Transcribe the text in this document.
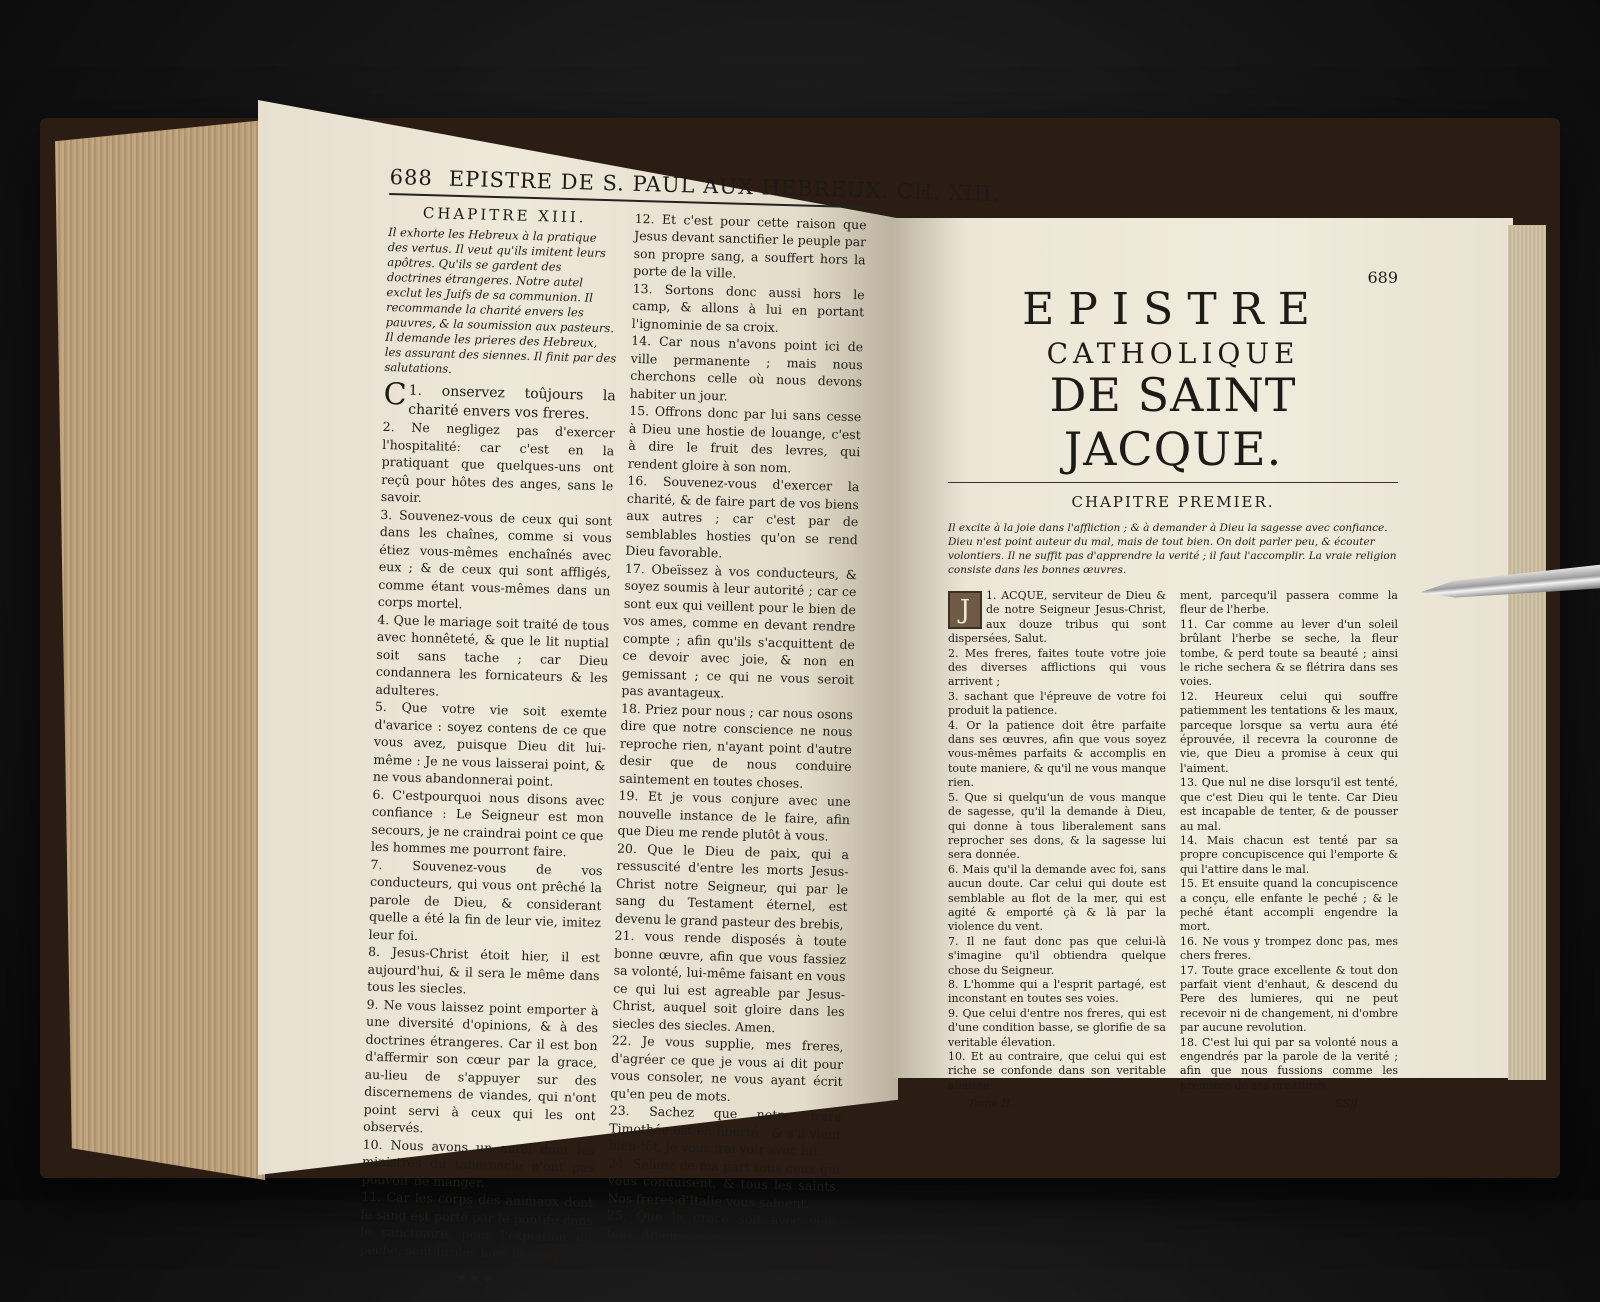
688 EPISTRE DE S. PAUL AUX HEBREUX. CH. XIII.
CHAPITRE XIII.
Il exhorte les Hebreux à la pratique des vertus. Il veut qu'ils imitent leurs apôtres. Qu'ils se gardent des doctrines étrangeres. Notre autel exclut les Juifs de sa communion. Il recommande la charité envers les pauvres, & la soumission aux pasteurs. Il demande les prieres des Hebreux, les assurant des siennes. Il finit par des salutations.
1.
C onservez toûjours la charité envers vos freres.
2. Ne negligez pas d'exercer l'hospitalité: car c'est en la pratiquant que quelques-uns ont reçû pour hôtes des anges, sans le savoir.
3. Souvenez-vous de ceux qui sont dans les chaînes, comme si vous étiez vous-mêmes enchaînés avec eux ; & de ceux qui sont affligés, comme étant vous-mêmes dans un corps mortel.
4. Que le mariage soit traité de tous avec honnêteté, & que le lit nuptial soit sans tache ; car Dieu condannera les fornicateurs & les adulteres.
5. Que votre vie soit exemte d'avarice : soyez contens de ce que vous avez, puisque Dieu dit lui-même : Je ne vous laisserai point, & ne vous abandonnerai point.
6. C'estpourquoi nous disons avec confiance : Le Seigneur est mon secours, je ne craindrai point ce que les hommes me pourront faire.
7. Souvenez-vous de vos conducteurs, qui vous ont prêché la parole de Dieu, & considerant quelle a été la fin de leur vie, imitez leur foi.
8. Jesus-Christ étoit hier, il est aujourd'hui, & il sera le même dans tous les siecles.
9. Ne vous laissez point emporter à une diversité d'opinions, & à des doctrines étrangeres. Car il est bon d'affermir son cœur par la grace, au-lieu de s'appuyer sur des discernemens de viandes, qui n'ont point servi à ceux qui les ont observés.
10. Nous avons un autel dont les ministres du tabernacle n'ont pas pouvoir de manger.
11. Car les corps des animaux dont le sang est porté par le pontife dans le sanctuaire, pour l'expiation du peché, sont brûlés hors le camp.
❦❦❦
12. Et c'est pour cette raison que Jesus devant sanctifier le peuple par son propre sang, a souffert hors la porte de la ville.
13. Sortons donc aussi hors le camp, & allons à lui en portant l'ignominie de sa croix.
14. Car nous n'avons point ici de ville permanente ; mais nous cherchons celle où nous devons habiter un jour.
15. Offrons donc par lui sans cesse à Dieu une hostie de louange, c'est à dire le fruit des levres, qui rendent gloire à son nom.
16. Souvenez-vous d'exercer la charité, & de faire part de vos biens aux autres ; car c'est par de semblables hosties qu'on se rend Dieu favorable.
17. Obeïssez à vos conducteurs, & soyez soumis à leur autorité ; car ce sont eux qui veillent pour le bien de vos ames, comme en devant rendre compte ; afin qu'ils s'acquittent de ce devoir avec joie, & non en gemissant ; ce qui ne vous seroit pas avantageux.
18. Priez pour nous ; car nous osons dire que notre conscience ne nous reproche rien, n'ayant point d'autre desir que de nous conduire saintement en toutes choses.
19. Et je vous conjure avec une nouvelle instance de le faire, afin que Dieu me rende plutôt à vous.
20. Que le Dieu de paix, qui a ressuscité d'entre les morts Jesus-Christ notre Seigneur, qui par le sang du Testament éternel, est devenu le grand pasteur des brebis,
21. vous rende disposés à toute bonne œuvre, afin que vous fassiez sa volonté, lui-même faisant en vous ce qui lui est agreable par Jesus-Christ, auquel soit gloire dans les siecles des siecles. Amen.
22. Je vous supplie, mes freres, d'agréer ce que je vous ai dit pour vous consoler, ne vous ayant écrit qu'en peu de mots.
23. Sachez que notre frere Timothée est en liberté : & s'il vient bien-tôt, je vous irai voir avec lui.
24. Saluez de ma part tous ceux qui vous conduisent, & tous les saints. Nos freres d'Italie vous saluent.
25. Que la grace soit avec vous tous. Amen.
EPISTRE
689
EPISTRE
CATHOLIQUE
DE SAINT JACQUE.
CHAPITRE PREMIER.
Il excite à la joie dans l'affliction ; & à demander à Dieu la sagesse avec confiance. Dieu n'est point auteur du mal, mais de tout bien. On doit parler peu, & écouter volontiers. Il ne suffit pas d'apprendre la verité ; il faut l'accomplir. La vraie religion consiste dans les bonnes œuvres.
1.
J	ACQUE, serviteur de Dieu & de notre Seigneur Jesus-Christ, aux douze tribus qui sont dispersées, Salut.
2. Mes freres, faites toute votre joie des diverses afflictions qui vous arrivent ;
3. sachant que l'épreuve de votre foi produit la patience.
4. Or la patience doit être parfaite dans ses œuvres, afin que vous soyez vous-mêmes parfaits & accomplis en toute maniere, & qu'il ne vous manque rien.
5. Que si quelqu'un de vous manque de sagesse, qu'il la demande à Dieu, qui donne à tous liberalement sans reprocher ses dons, & la sagesse lui sera donnée.
6. Mais qu'il la demande avec foi, sans aucun doute. Car celui qui doute est semblable au flot de la mer, qui est agité & emporté çà & là par la violence du vent.
7. Il ne faut donc pas que celui-là s'imagine qu'il obtiendra quelque chose du Seigneur.
8. L'homme qui a l'esprit partagé, est inconstant en toutes ses voies.
9. Que celui d'entre nos freres, qui est d'une condition basse, se glorifie de sa veritable élevation.
10. Et au contraire, que celui qui est riche se confonde dans son veritable abaisse-
ment, parcequ'il passera comme la fleur de l'herbe.
11. Car comme au lever d'un soleil brûlant l'herbe se seche, la fleur tombe, & perd toute sa beauté ; ainsi le riche sechera & se flétrira dans ses voies.
12. Heureux celui qui souffre patiemment les tentations & les maux, parceque lorsque sa vertu aura été éprouvée, il recevra la couronne de vie, que Dieu a promise à ceux qui l'aiment.
13. Que nul ne dise lorsqu'il est tenté, que c'est Dieu qui le tente. Car Dieu est incapable de tenter, & de pousser au mal.
14. Mais chacun est tenté par sa propre concupiscence qui l'emporte & qui l'attire dans le mal.
15. Et ensuite quand la concupiscence a conçu, elle enfante le peché ; & le peché étant accompli engendre la mort.
16. Ne vous y trompez donc pas, mes chers freres.
17. Toute grace excellente & tout don parfait vient d'enhaut, & descend du Pere des lumieres, qui ne peut recevoir ni de changement, ni d'ombre par aucune revolution.
18. C'est lui qui par sa volonté nous a engendrés par la parole de la verité ; afin que nous fussions comme les prémices de ses creatures.
Tome II.	SSff
